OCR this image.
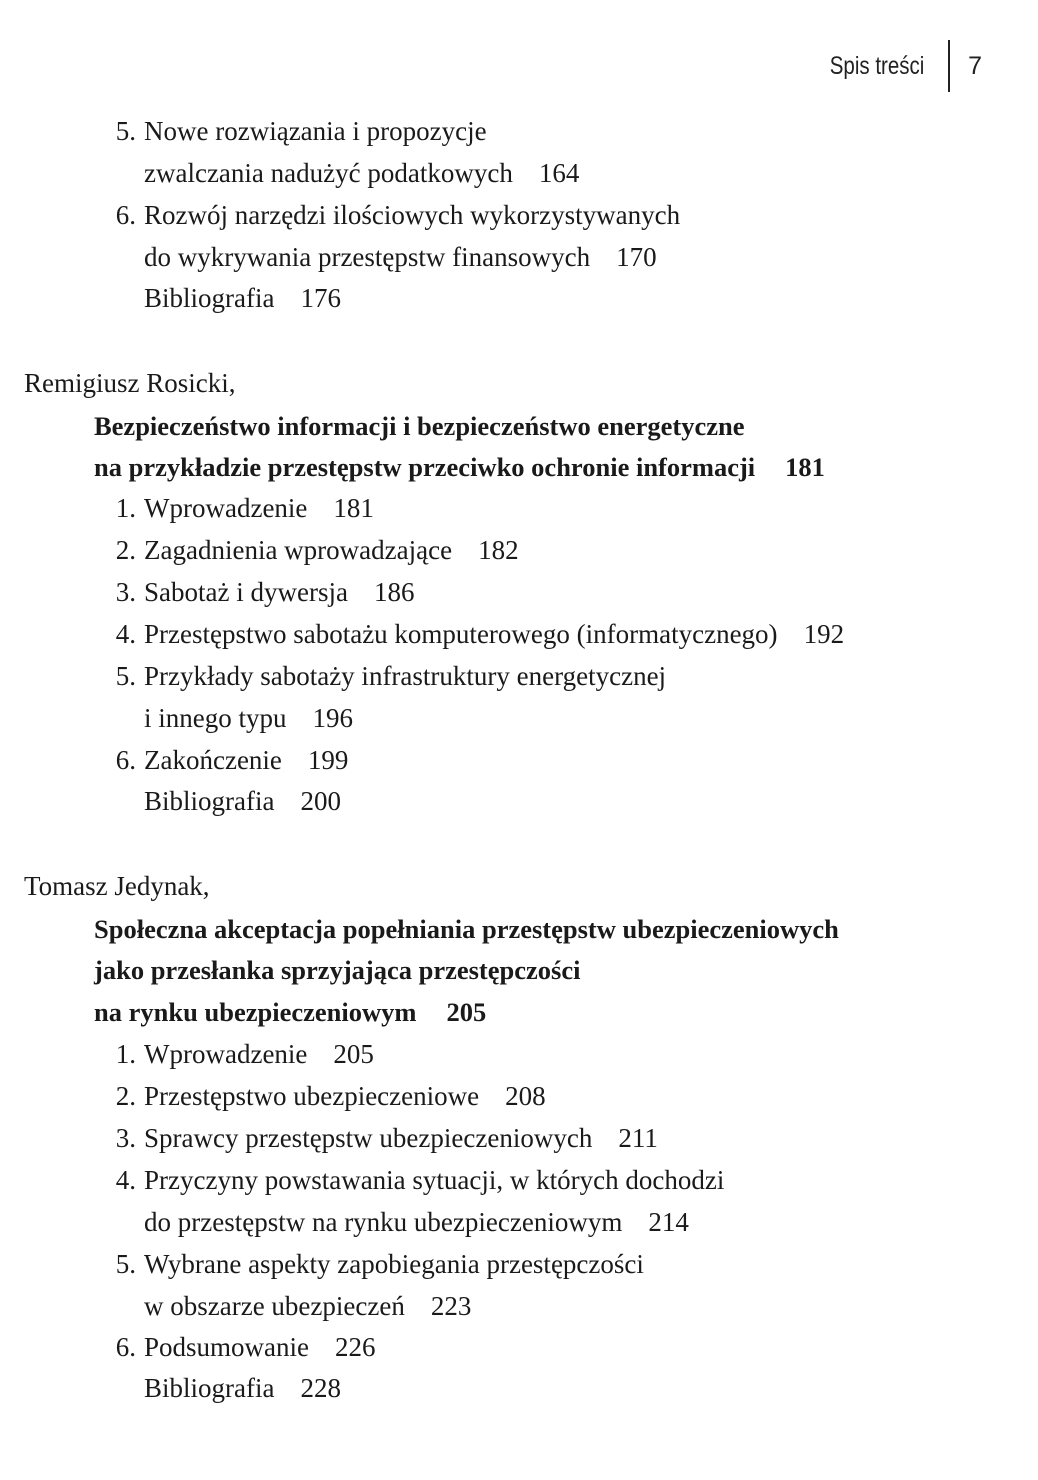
Spis treści 7
5. Nowe rozwiązania i propozycje
zwalczania nadużyć podatkowych 164
6. Rozwój narzędzi ilościowych wykorzystywanych
do wykrywania przestępstw finansowych 170
Bibliografia 176
Remigiusz Rosicki,
Bezpieczeństwo informacji i bezpieczeństwo energetyczne
na przykładzie przestępstw przeciwko ochronie informacji 181
1. Wprowadzenie 181
2. Zagadnienia wprowadzające 182
3. Sabotaż i dywersja 186
4. Przestępstwo sabotażu komputerowego (informatycznego) 192
5. Przykłady sabotaży infrastruktury energetycznej
i innego typu 196
6. Zakończenie 199
Bibliografia 200
Tomasz Jedynak,
Społeczna akceptacja popełniania przestępstw ubezpieczeniowych
jako przesłanka sprzyjająca przestępczości
na rynku ubezpieczeniowym 205
1. Wprowadzenie 205
2. Przestępstwo ubezpieczeniowe 208
3. Sprawcy przestępstw ubezpieczeniowych 211
4. Przyczyny powstawania sytuacji, w których dochodzi
do przestępstw na rynku ubezpieczeniowym 214
5. Wybrane aspekty zapobiegania przestępczości
w obszarze ubezpieczeń 223
6. Podsumowanie 226
Bibliografia 228
